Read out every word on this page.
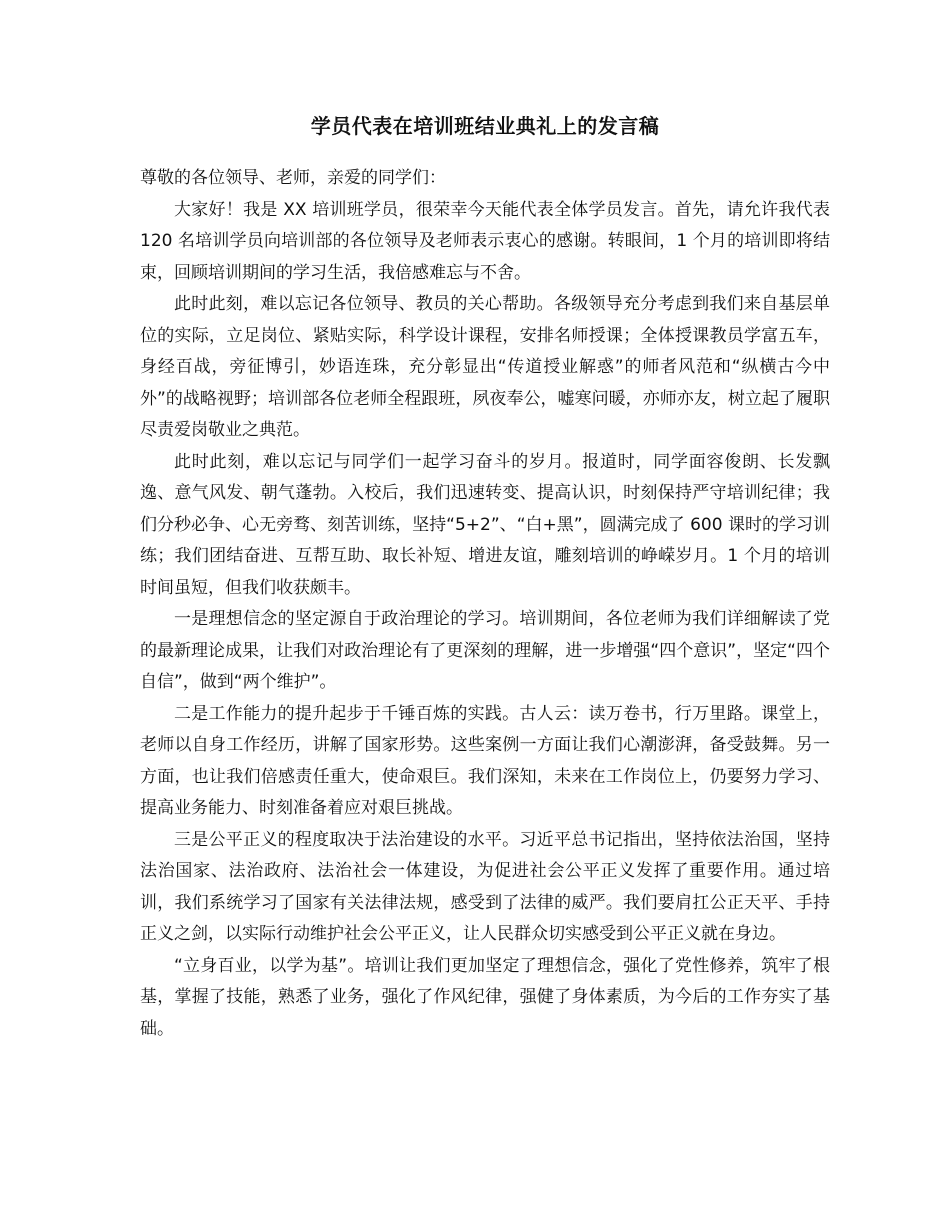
学员代表在培训班结业典礼上的发言稿

尊敬的各位领导、老师，亲爱的同学们：

大家好！我是 XX 培训班学员，很荣幸今天能代表全体学员发言。首先，请允许我代表 120 名培训学员向培训部的各位领导及老师表示衷心的感谢。转眼间，1 个月的培训即将结束，回顾培训期间的学习生活，我倍感难忘与不舍。

此时此刻，难以忘记各位领导、教员的关心帮助。各级领导充分考虑到我们来自基层单位的实际，立足岗位、紧贴实际，科学设计课程，安排名师授课；全体授课教员学富五车，身经百战，旁征博引，妙语连珠，充分彰显出“传道授业解惑”的师者风范和“纵横古今中外”的战略视野；培训部各位老师全程跟班，夙夜奉公，嘘寒问暖，亦师亦友，树立起了履职尽责爱岗敬业之典范。

此时此刻，难以忘记与同学们一起学习奋斗的岁月。报道时，同学面容俊朗、长发飘逸、意气风发、朝气蓬勃。入校后，我们迅速转变、提高认识，时刻保持严守培训纪律；我们分秒必争、心无旁骛、刻苦训练，坚持“5+2”、“白+黑”，圆满完成了 600 课时的学习训练；我们团结奋进、互帮互助、取长补短、增进友谊，雕刻培训的峥嵘岁月。1 个月的培训时间虽短，但我们收获颇丰。

一是理想信念的坚定源自于政治理论的学习。培训期间，各位老师为我们详细解读了党的最新理论成果，让我们对政治理论有了更深刻的理解，进一步增强“四个意识”，坚定“四个自信”，做到“两个维护”。

二是工作能力的提升起步于千锤百炼的实践。古人云：读万卷书，行万里路。课堂上，老师以自身工作经历，讲解了国家形势。这些案例一方面让我们心潮澎湃，备受鼓舞。另一方面，也让我们倍感责任重大，使命艰巨。我们深知，未来在工作岗位上，仍要努力学习、提高业务能力、时刻准备着应对艰巨挑战。

三是公平正义的程度取决于法治建设的水平。习近平总书记指出，坚持依法治国，坚持法治国家、法治政府、法治社会一体建设，为促进社会公平正义发挥了重要作用。通过培训，我们系统学习了国家有关法律法规，感受到了法律的威严。我们要肩扛公正天平、手持正义之剑，以实际行动维护社会公平正义，让人民群众切实感受到公平正义就在身边。

“立身百业，以学为基”。培训让我们更加坚定了理想信念，强化了党性修养，筑牢了根基，掌握了技能，熟悉了业务，强化了作风纪律，强健了身体素质，为今后的工作夯实了基础。
